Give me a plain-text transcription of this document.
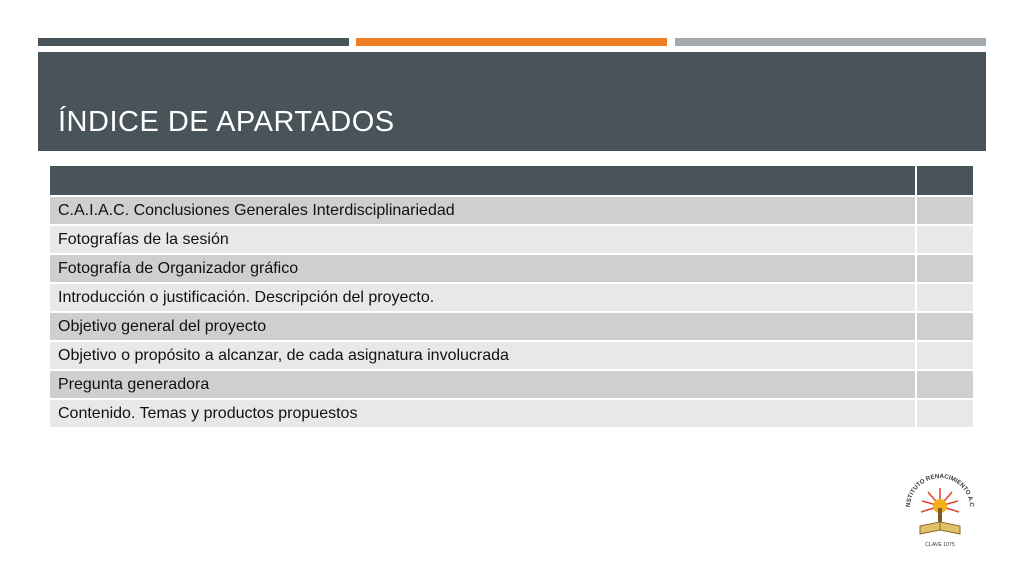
ÍNDICE DE APARTADOS

C.A.I.A.C. Conclusiones Generales Interdisciplinariedad	
Fotografías de la sesión	
Fotografía de Organizador gráfico	
Introducción o justificación. Descripción del proyecto.	
Objetivo general del proyecto	
Objetivo o propósito a alcanzar, de cada asignatura involucrada	
Pregunta generadora	
Contenido. Temas y productos propuestos	
NSTITUTO RENACIMIENTO A.C
CLAVE 1075
